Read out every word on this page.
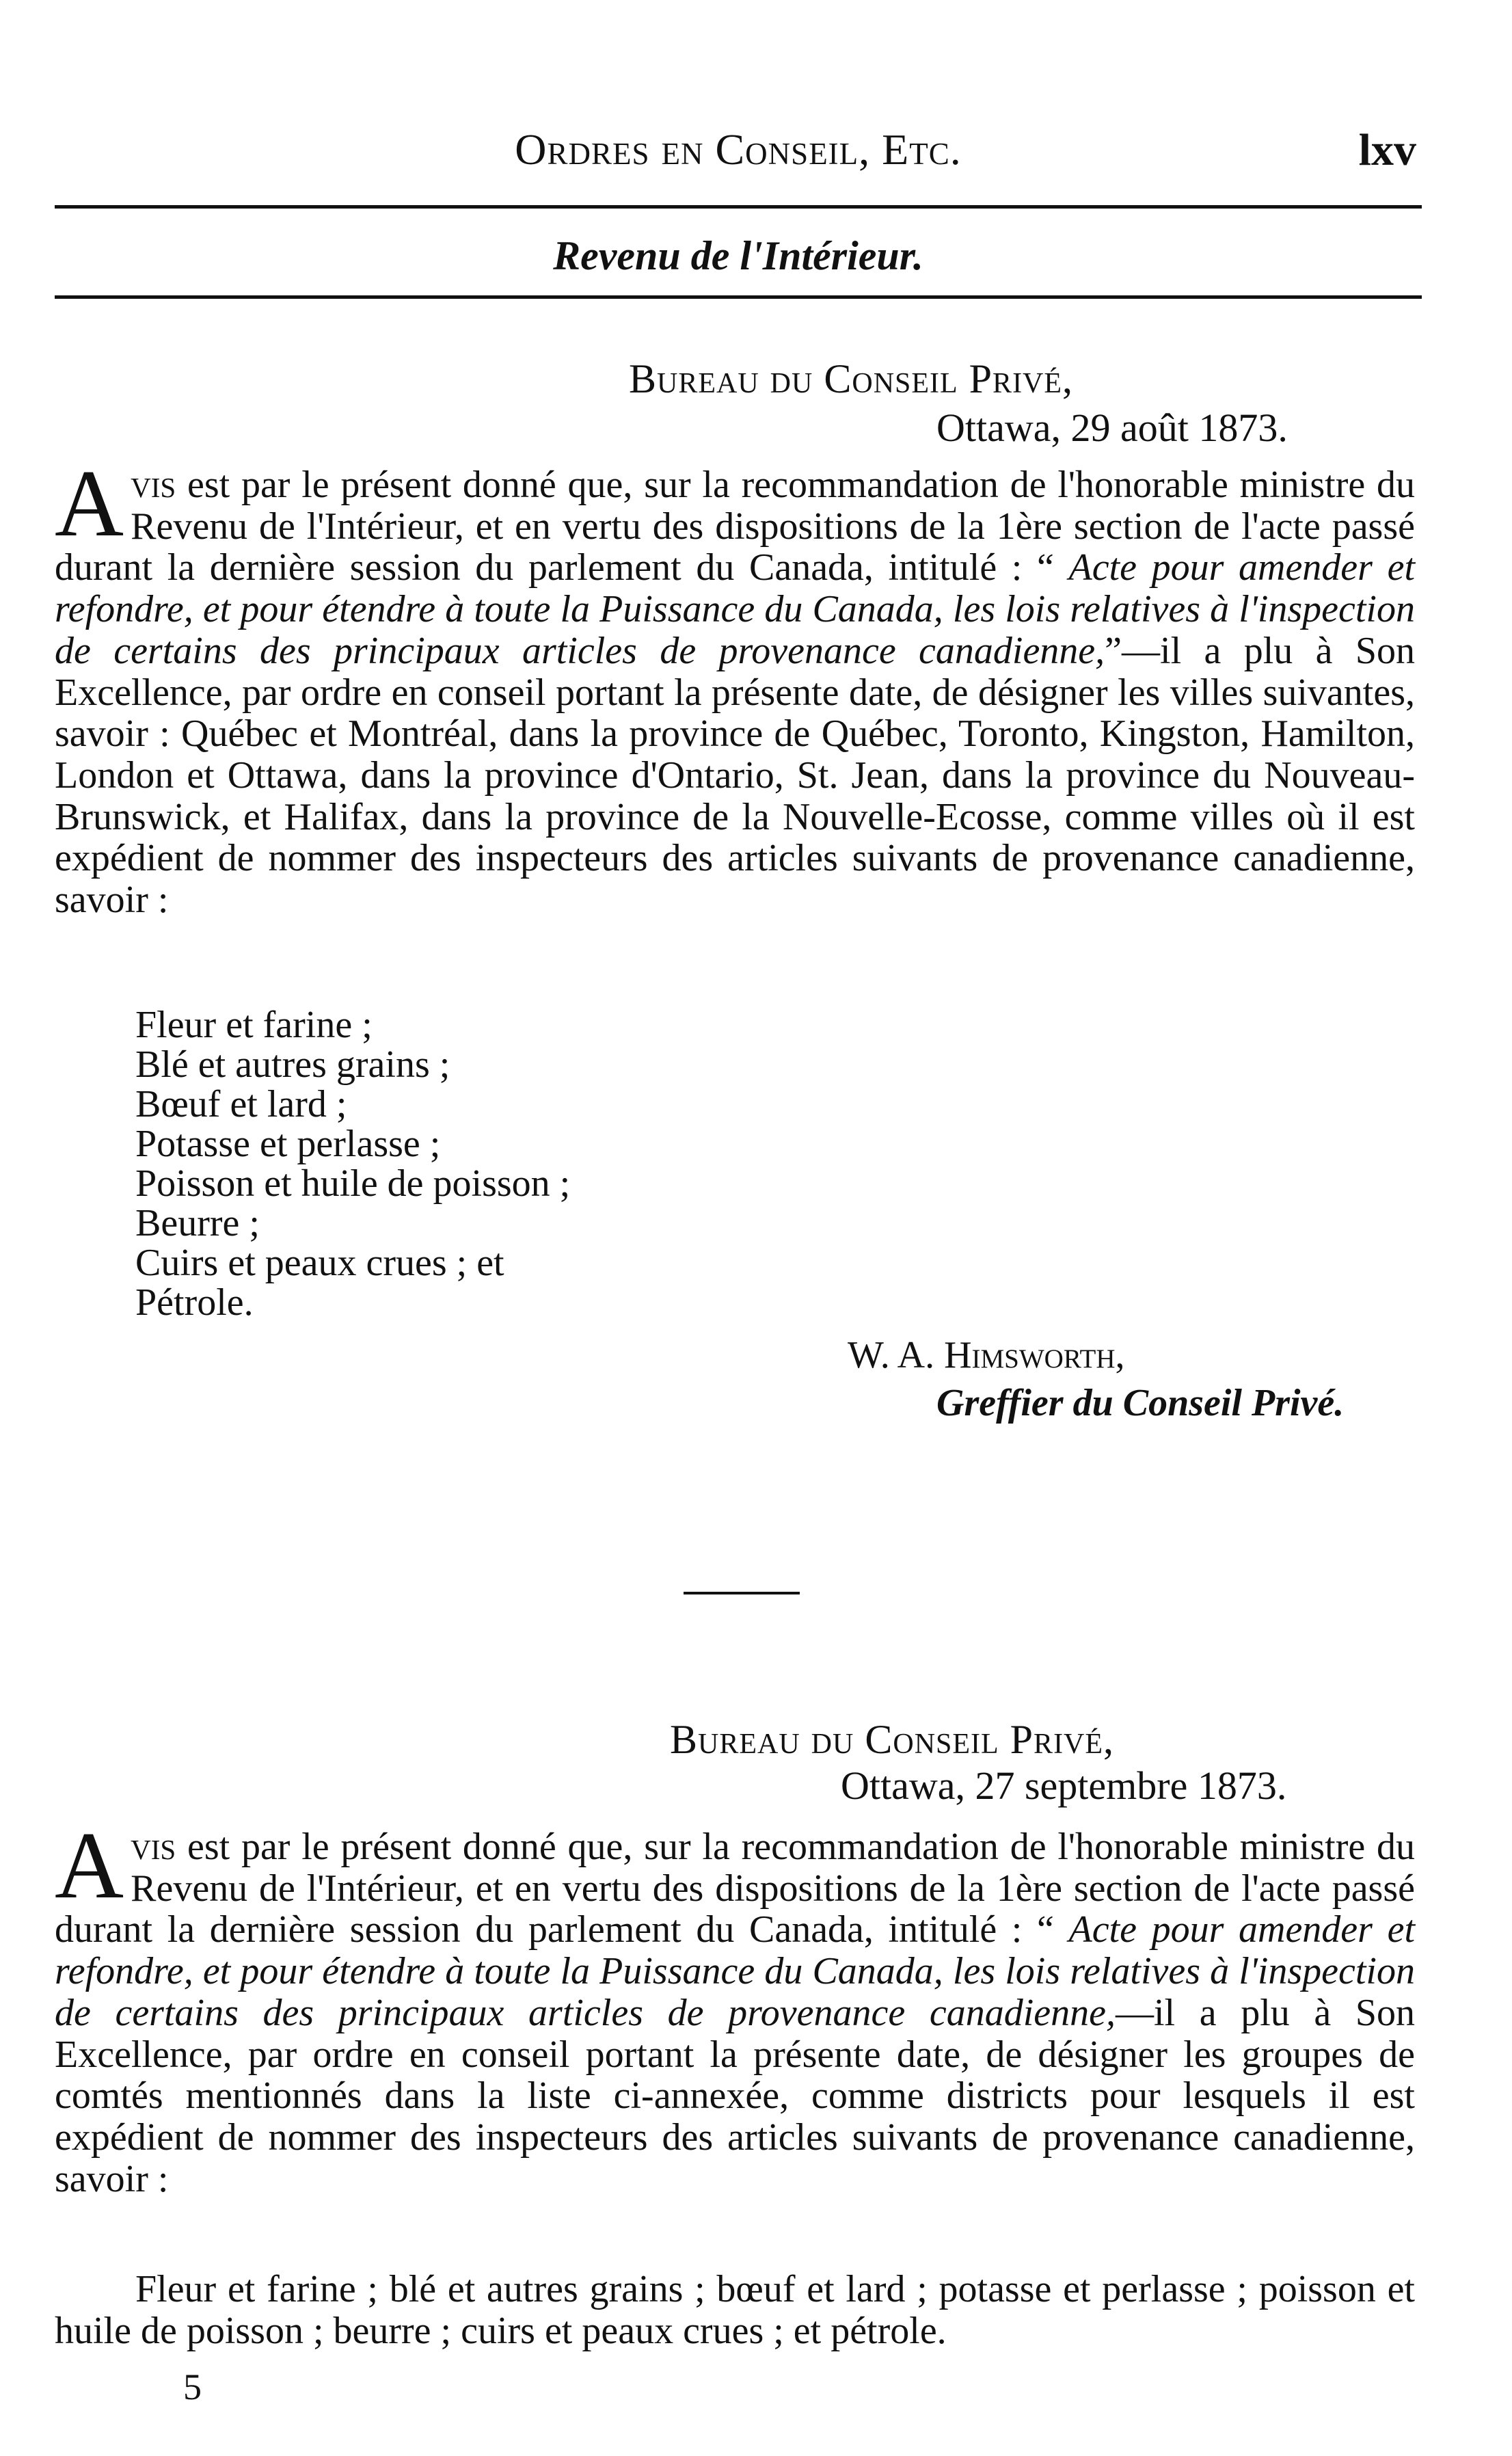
Ordres en Conseil, Etc.	lxv
Revenu de l'Intérieur.
Bureau du Conseil Privé,
Ottawa, 29 août 1873.
Avis est par le présent donné que, sur la recommandation de l'honorable ministre du Revenu de l'Intérieur, et en vertu des dispositions de la 1ère section de l'acte passé durant la dernière session du parlement du Canada, intitulé : “ Acte pour amender et refondre, et pour étendre à toute la Puissance du Canada, les lois relatives à l'inspection de certains des principaux articles de provenance canadienne,”—il a plu à Son Excellence, par ordre en conseil portant la présente date, de désigner les villes suivantes, savoir : Québec et Montréal, dans la province de Québec, Toronto, Kingston, Hamilton, London et Ottawa, dans la province d'Ontario, St. Jean, dans la province du Nouveau-Brunswick, et Halifax, dans la province de la Nouvelle-Ecosse, comme villes où il est expédient de nommer des inspecteurs des articles suivants de provenance canadienne, savoir :
Fleur et farine ;
Blé et autres grains ;
Bœuf et lard ;
Potasse et perlasse ;
Poisson et huile de poisson ;
Beurre ;
Cuirs et peaux crues ; et
Pétrole.
W. A. Himsworth,
Greffier du Conseil Privé.
Bureau du Conseil Privé,
Ottawa, 27 septembre 1873.
Avis est par le présent donné que, sur la recommandation de l'honorable ministre du Revenu de l'Intérieur, et en vertu des dispositions de la 1ère section de l'acte passé durant la dernière session du parlement du Canada, intitulé : “ Acte pour amender et refondre, et pour étendre à toute la Puissance du Canada, les lois relatives à l'inspection de certains des principaux articles de provenance canadienne,—il a plu à Son Excellence, par ordre en conseil portant la présente date, de désigner les groupes de comtés mentionnés dans la liste ci-annexée, comme districts pour lesquels il est expédient de nommer des inspecteurs des articles suivants de provenance canadienne, savoir :
Fleur et farine ; blé et autres grains ; bœuf et lard ; potasse et perlasse ; poisson et huile de poisson ; beurre ; cuirs et peaux crues ; et pétrole.
5
